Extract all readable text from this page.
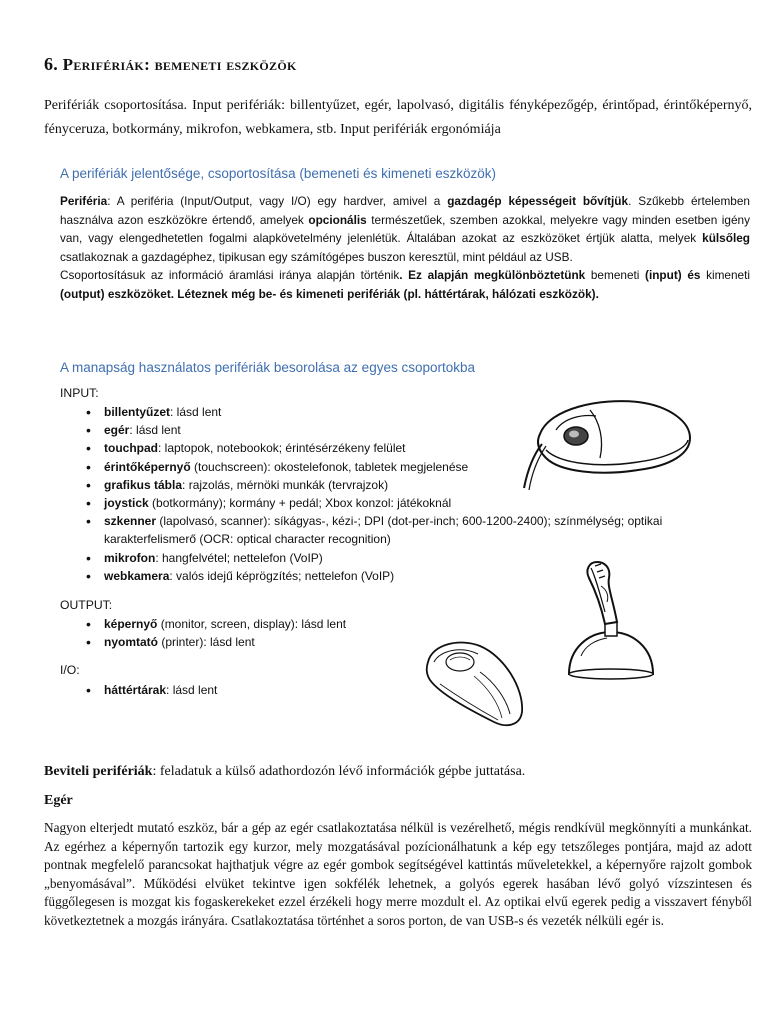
6. Perifériák: bemeneti eszközök
Perifériák csoportosítása. Input perifériák: billentyűzet, egér, lapolvasó, digitális fényképezőgép, érintőpad, érintőképernyő, fényceruza, botkormány, mikrofon, webkamera, stb. Input perifériák ergonómiája
A perifériák jelentősége, csoportosítása (bemeneti és kimeneti eszközök)

Periféria: A periféria (Input/Output, vagy I/O) egy hardver, amivel a gazdagép képességeit bővítjük. Szűkebb értelemben használva azon eszközökre értendő, amelyek opcionális természetűek, szemben azokkal, melyekre vagy minden esetben igény van, vagy elengedhetetlen fogalmi alapkövetelmény jelenlétük. Általában azokat az eszközöket értjük alatta, melyek külsőleg csatlakoznak a gazdagéphez, tipikusan egy számítógépes buszon keresztül, mint például az USB.

Csoportosításuk az információ áramlási iránya alapján történik. Ez alapján megkülönböztetünk bemeneti (input) és kimeneti (output) eszközöket. Léteznek még be- és kimeneti perifériák (pl. háttértárak, hálózati eszközök).

A manapság használatos perifériák besorolása az egyes csoportokba
INPUT:
• billentyűzet: lásd lent
• egér: lásd lent
• touchpad: laptopok, notebookok; érintésérzékeny felület
• érintőképernyő (touchscreen): okostelefonok, tabletek megjelenése
• grafikus tábla: rajzolás, mérnöki munkák (tervrajzok)
• joystick (botkormány); kormány + pedál; Xbox konzol: játékoknál
• szkenner (lapolvasó, scanner): síkágyas-, kézi-; DPI (dot-per-inch; 600-1200-2400); színmélység; optikai karakterfelismerő (OCR: optical character recognition)
• mikrofon: hangfelvétel; nettelefon (VoIP)
• webkamera: valós idejű képrögzítés; nettelefon (VoIP)
OUTPUT:
• képernyő (monitor, screen, display): lásd lent
• nyomtató (printer): lásd lent
I/O:
• háttértárak: lásd lent
Beviteli perifériák: feladatuk a külső adathordozón lévő információk gépbe juttatása.
Egér
Nagyon elterjedt mutató eszköz, bár a gép az egér csatlakoztatása nélkül is vezérelhető, mégis rendkívül megkönnyíti a munkánkat. Az egérhez a képernyőn tartozik egy kurzor, mely mozgatásával pozícionálhatunk a kép egy tetszőleges pontjára, majd az adott pontnak megfelelő parancsokat hajthatjuk végre az egér gombok segítségével kattintás műveletekkel, a képernyőre rajzolt gombok „benyomásával”. Működési elvüket tekintve igen sokfélék lehetnek, a golyós egerek hasában lévő golyó vízszintesen és függőlegesen is mozgat kis fogaskerekeket ezzel érzékeli hogy merre mozdult el. Az optikai elvű egerek pedig a visszavert fényből következtetnek a mozgás irányára. Csatlakoztatása történhet a soros porton, de van USB-s és vezeték nélküli egér is.
